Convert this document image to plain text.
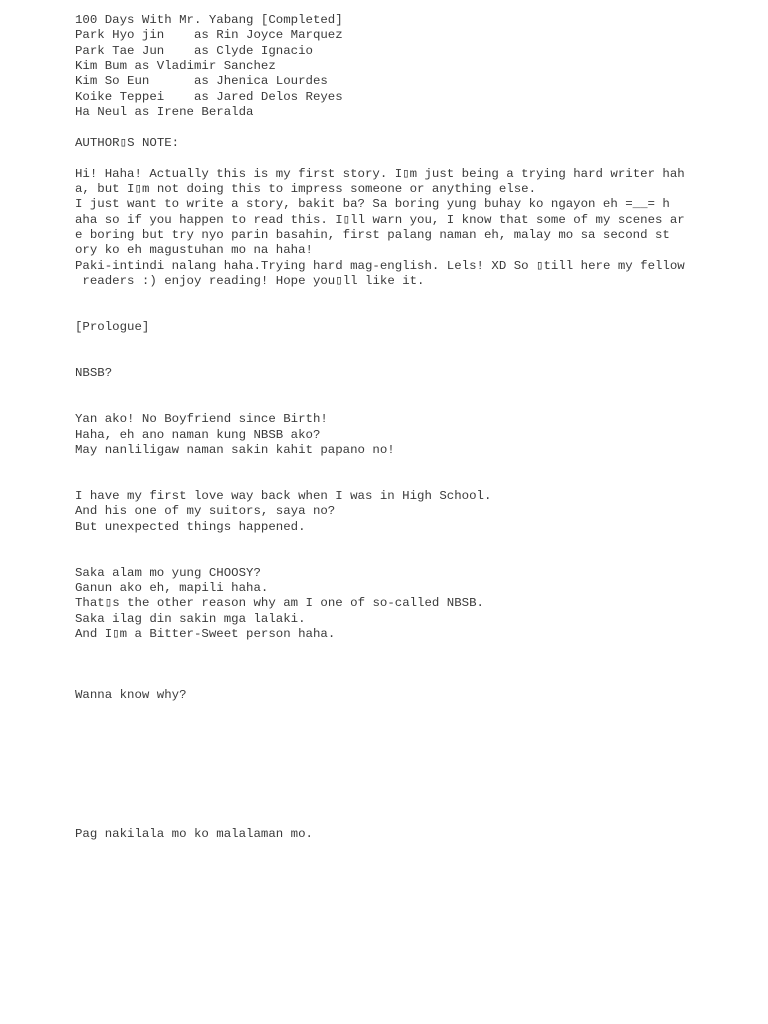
100 Days With Mr. Yabang [Completed]

Park Hyo jin    as Rin Joyce Marquez

Park Tae Jun    as Clyde Ignacio

Kim Bum as Vladimir Sanchez

Kim So Eun      as Jhenica Lourdes

Koike Teppei    as Jared Delos Reyes

Ha Neul as Irene Beralda

AUTHOR▯S NOTE:

Hi! Haha! Actually this is my first story. I▯m just being a trying hard writer hah

a, but I▯m not doing this to impress someone or anything else.

I just want to write a story, bakit ba? Sa boring yung buhay ko ngayon eh =__= h

aha so if you happen to read this. I▯ll warn you, I know that some of my scenes ar

e boring but try nyo parin basahin, first palang naman eh, malay mo sa second st

ory ko eh magustuhan mo na haha!

Paki-intindi nalang haha.Trying hard mag-english. Lels! XD So ▯till here my fellow

readers :) enjoy reading! Hope you▯ll like it.

[Prologue]

NBSB?

Yan ako! No Boyfriend since Birth!

Haha, eh ano naman kung NBSB ako?

May nanliligaw naman sakin kahit papano no!

I have my first love way back when I was in High School.

And his one of my suitors, saya no?

But unexpected things happened.

Saka alam mo yung CHOOSY?

Ganun ako eh, mapili haha.

That▯s the other reason why am I one of so-called NBSB.

Saka ilag din sakin mga lalaki.

And I▯m a Bitter-Sweet person haha.

Wanna know why?

Pag nakilala mo ko malalaman mo.
